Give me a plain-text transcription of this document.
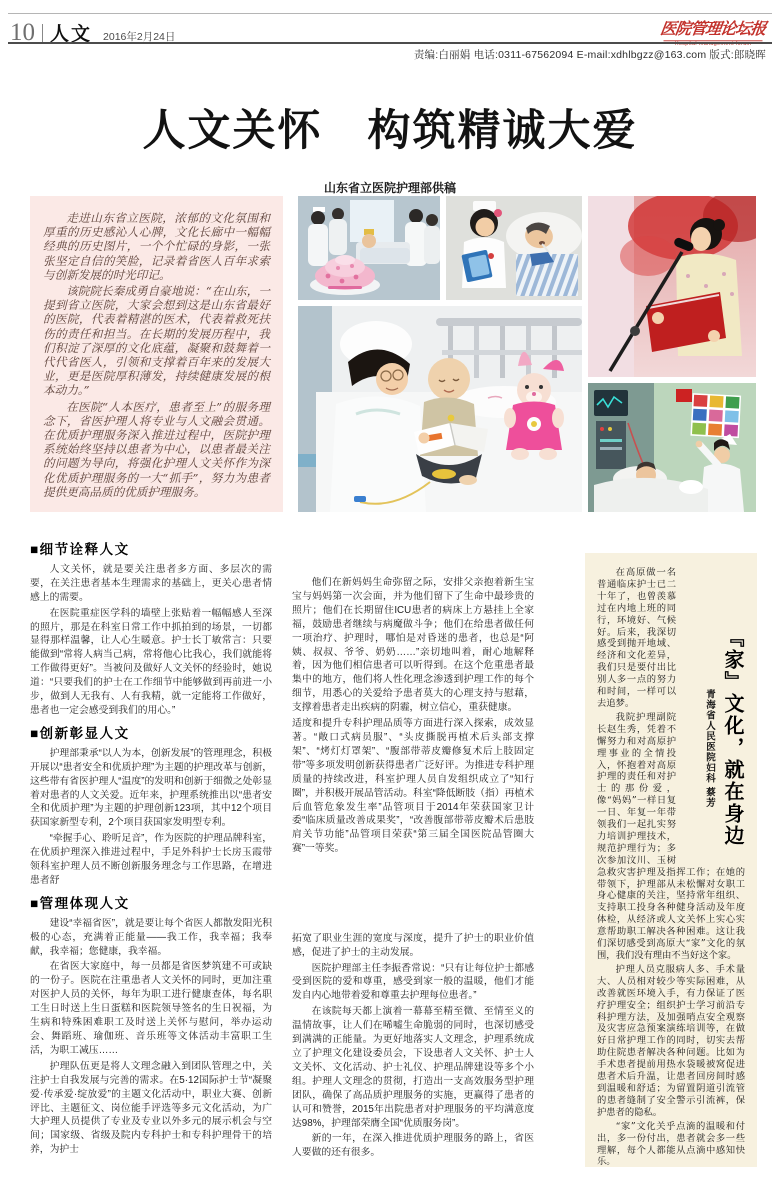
10 人文 2016年2月24日	医院管理论坛报
Hospital management forum
责编:白丽娟 电话:0311-67562094 E-mail:xdhlbgzz@163.com 版式:郎晓晖
人文关怀　构筑精诚大爱
山东省立医院护理部供稿

走进山东省立医院，浓郁的文化氛围和厚重的历史感沁人心脾，文化长廊中一幅幅经典的历史图片，一个个忙碌的身影，一张张坚定自信的笑脸，记录着省医人百年求索与创新发展的时光印记。

该院院长秦成勇自豪地说：“在山东，一提到省立医院，大家会想到这是山东省最好的医院，代表着精湛的医术，代表着救死扶伤的责任和担当。在长期的发展历程中，我们积淀了深厚的文化底蕴，凝聚和鼓舞着一代代省医人，引领和支撑着百年来的发展大业，更是医院厚积薄发，持续健康发展的根本动力。”

在医院“人本医疗，患者至上”的服务理念下，省医护理人将专业与人文融会贯通。在优质护理服务深入推进过程中，医院护理系统始终坚持以患者为中心，以患者最关注的问题为导向，将强化护理人文关怀作为深化优质护理服务的一大“抓手”，努力为患者提供更高品质的优质护理服务。

■细节诠释人文

人文关怀，就是要关注患者多方面、多层次的需要，在关注患者基本生理需求的基础上，更关心患者情感上的需要。

在医院重症医学科的墙壁上张贴着一幅幅感人至深的照片，那是在科室日常工作中抓拍到的场景，一切都显得那样温馨，让人心生暖意。护士长丁敏常言：只要能做到“常将人病当己病，常将他心比我心，我们就能将工作做得更好”。当被问及做好人文关怀的经验时，她说道：“只要我们的护士在工作细节中能够做到再前进一小步，做到人无我有、人有我精，就一定能将工作做好，患者也一定会感受到我们的用心。”

■创新彰显人文

护理部秉承“以人为本，创新发展”的管理理念，积极开展以“患者安全和优质护理”为主题的护理改革与创新，这些带有省医护理人“温度”的发明和创新于细微之处彰显着对患者的人文关爱。近年来，护理系统推出以“患者安全和优质护理”为主题的护理创新123项，其中12个项目获国家新型专利，2个项目获国家发明型专利。

“牵握手心、聆听足音”，作为医院的护理品牌科室，在优质护理深入推进过程中，手足外科护士长房玉霞带领科室护理人员不断创新服务理念与工作思路，在增进患者舒

■管理体现人文

建设“幸福省医”，就是要让每个省医人都散发阳光积极的心态，充满着正能量——我工作，我幸福；我奉献，我幸福；您健康，我幸福。

在省医大家庭中，每一员都是省医梦筑建不可或缺的一份子。医院在注重患者人文关怀的同时，更加注重对医护人员的关怀，每年为职工进行健康查体，每名职工生日时送上生日蛋糕和医院领导签名的生日祝福，为生病和特殊困难职工及时送上关怀与慰问，举办运动会、舞蹈班、瑜伽班、音乐班等文体活动丰富职工生活，为职工减压……

护理队伍更是将人文理念融入到团队管理之中，关注护士自我发展与完善的需求。在5·12国际护士节“凝聚爱·传承爱·绽放爱”的主题文化活动中，职业大赛、创新评比、主题征文、岗位能手评选等多元文化活动，为广大护理人员提供了专业及专业以外多元的展示机会与空间；国家级、省级及院内专科护士和专科护理骨干的培养，为护士

他们在新妈妈生命弥留之际，安排父亲抱着新生宝宝与妈妈第一次会面，并为他们留下了生命中最珍贵的照片；他们在长期留住ICU患者的病床上方悬挂上全家福，鼓励患者继续与病魔做斗争；他们在给患者做任何一项治疗、护理时，哪怕是对昏迷的患者，也总是“阿姨、叔叔、爷爷、奶奶……”亲切地叫着，耐心地解释着，因为他们相信患者可以听得到。在这个危重患者最集中的地方，他们将人性化理念渗透到护理工作的每个细节，用悉心的关爱给予患者莫大的心理支持与慰藉，支撑着患者走出疾病的阴霾，树立信心，重获健康。

适度和提升专科护理品质等方面进行深入探索，成效显著。“敞口式病员服”、“头皮撕脱再植术后头部支撑架”、“烤灯灯罩架”、“腹部带蒂皮瓣修复术后上肢固定带”等多项发明创新获得患者广泛好评。为推进专科护理质量的持续改进，科室护理人员自发组织成立了“知行圈”，并积极开展品管活动。科室“降低断肢（指）再植术后血管危象发生率”品管项目于2014年荣获国家卫计委“临床质量改善成果奖”，“改善腹部带蒂皮瓣术后患肢肩关节功能”品管项目荣获“第三届全国医院品管圈大赛”一等奖。

拓宽了职业生涯的宽度与深度，提升了护士的职业价值感，促进了护士的主动发展。

医院护理部主任李振香常说：“只有让每位护士都感受到医院的爱和尊重，感受到家一般的温暖，他们才能发自内心地带着爱和尊重去护理每位患者。”

在该院每天都上演着一幕幕至精至微、至情至义的温情故事，让人们在唏嘘生命脆弱的同时，也深切感受到满满的正能量。为更好地落实人文理念，护理系统成立了护理文化建设委员会，下设患者人文关怀、护士人文关怀、文化活动、护士礼仪、护理品牌建设等多个小组。护理人文理念的贯彻，打造出一支高效服务型护理团队，确保了高品质护理服务的实施，更赢得了患者的认可和赞誉，2015年出院患者对护理服务的平均满意度达98%，护理部荣膺全国“优质服务岗”。

新的一年，在深入推进优质护理服务的路上，省医人要做的还有很多。

『家』文化，就在身边
青海省人民医院妇科 蔡芳

在高原做一名普通临床护士已二十年了，也曾羡慕过在内地上班的同行，环境好、气候好。后来，我深切感受到抛开地域、经济和文化差异，我们只是要付出比别人多一点的努力和时间，一样可以去追梦。

我院护理副院长赵生秀，凭着不懈努力和对高原护理事业的全情投入，怀抱着对高原护理的责任和对护士的那份爱，像“妈妈”一样日复一日、年复一年带领我们一起扎实努力培训护理技术，规范护理行为；多次参加汶川、玉树急救灾害护理及指挥工作；在她的带领下，护理部从未松懈对女职工身心健康的关注，坚持常年组织、支持职工投身各种健身活动及年度体检，从经济或人文关怀上实心实意帮助职工解决各种困难。这让我们深切感受到高原大“家”文化的氛围，我们没有理由不当好这个家。

护理人员克服病人多、手术量大、人员相对较少等实际困难，从改善就医环境入手，有力保证了医疗护理安全；组织护士学习前沿专科护理方法，及加强哨点安全观察及灾害应急预案演练培训等，在做好日常护理工作的同时，切实去帮助住院患者解决各种问题。比如为手术患者提前用热水袋暖被窝促进患者术后升温，让患者回房间时感到温暖和舒适；为留置阴道引流管的患者缝制了安全警示引流裤，保护患者的隐私。

“家”文化关乎点滴的温暖和付出，多一份付出，患者就会多一些理解，每个人都能从点滴中感知快乐。
